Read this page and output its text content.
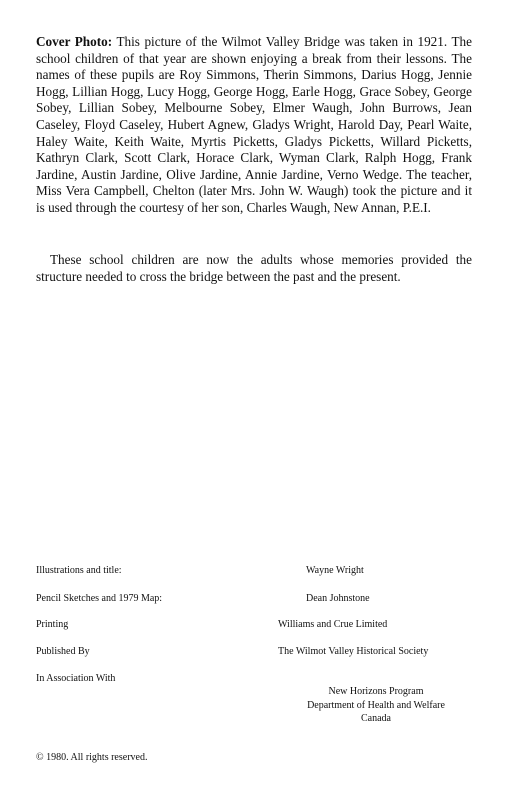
Cover Photo: This picture of the Wilmot Valley Bridge was taken in 1921. The school children of that year are shown enjoying a break from their lessons. The names of these pupils are Roy Simmons, Therin Simmons, Darius Hogg, Jennie Hogg, Lillian Hogg, Lucy Hogg, George Hogg, Earle Hogg, Grace Sobey, George Sobey, Lillian Sobey, Melbourne Sobey, Elmer Waugh, John Burrows, Jean Caseley, Floyd Caseley, Hubert Agnew, Gladys Wright, Harold Day, Pearl Waite, Haley Waite, Keith Waite, Myrtis Picketts, Gladys Picketts, Willard Picketts, Kathryn Clark, Scott Clark, Horace Clark, Wyman Clark, Ralph Hogg, Frank Jardine, Austin Jardine, Olive Jardine, Annie Jardine, Verno Wedge. The teacher, Miss Vera Campbell, Chelton (later Mrs. John W. Waugh) took the picture and it is used through the courtesy of her son, Charles Waugh, New Annan, P.E.I.

These school children are now the adults whose memories provided the structure needed to cross the bridge between the past and the present.

Illustrations and title:	Wayne Wright
Pencil Sketches and 1979 Map:	Dean Johnstone
Printing	Williams and Crue Limited
Published By	The Wilmot Valley Historical Society
In Association With
New Horizons Program
Department of Health and Welfare
Canada
© 1980. All rights reserved.
